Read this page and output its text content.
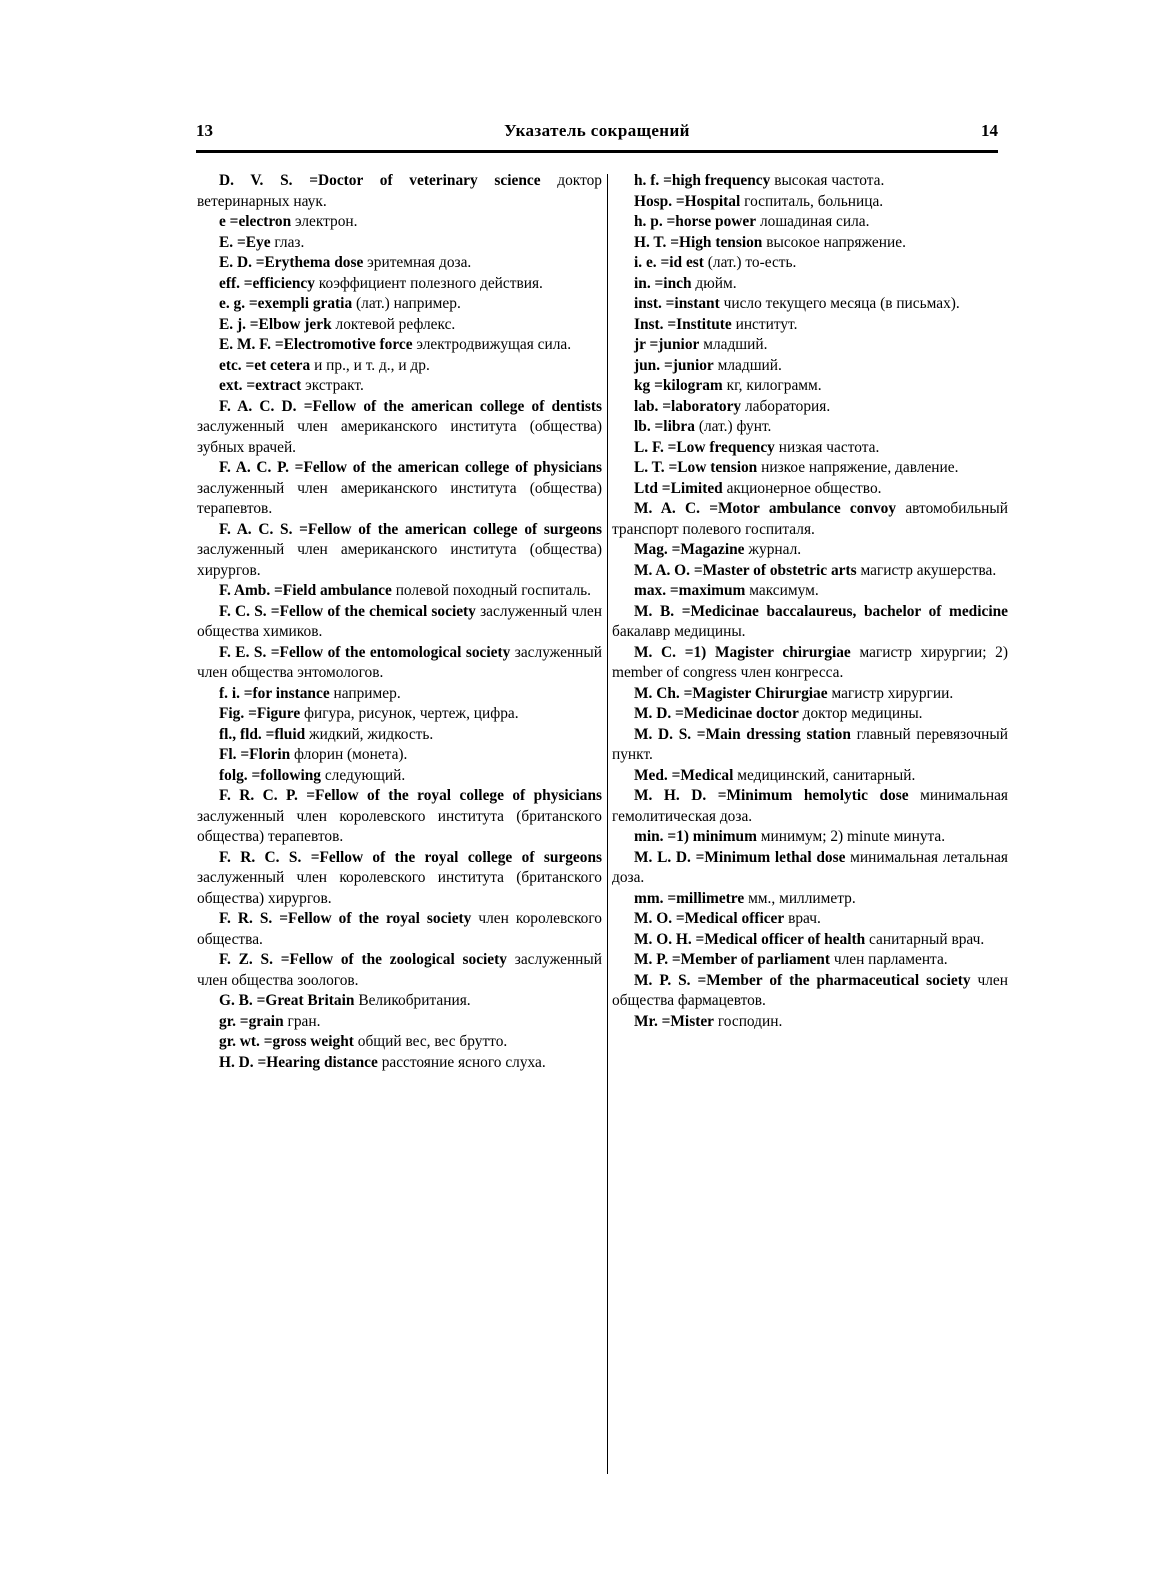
13	Указатель сокращений	14

D. V. S. =Doctor of veterinary science доктор ветеринарных наук.

e =electron электрон.

E. =Eye глаз.

E. D. =Erythema dose эритемная доза.

eff. =efficiency коэффициент полезного действия.

e. g. =exempli gratia (лат.) например.

E. j. =Elbow jerk локтевой рефлекс.

E. M. F. =Electromotive force электродвижущая сила.

etc. =et cetera и пр., и т. д., и др.

ext. =extract экстракт.

F. A. C. D. =Fellow of the american college of dentists заслуженный член американского института (общества) зубных врачей.

F. A. C. P. =Fellow of the american college of physicians заслуженный член американского института (общества) терапевтов.

F. A. C. S. =Fellow of the american college of surgeons заслуженный член американского института (общества) хирургов.

F. Amb. =Field ambulance полевой походный госпиталь.

F. C. S. =Fellow of the chemical society заслуженный член общества химиков.

F. E. S. =Fellow of the entomological society заслуженный член общества энтомологов.

f. i. =for instance например.

Fig. =Figure фигура, рисунок, чертеж, цифра.

fl., fld. =fluid жидкий, жидкость.

Fl. =Florin флорин (монета).

folg. =following следующий.

F. R. C. P. =Fellow of the royal college of physicians заслуженный член королевского института (британского общества) терапевтов.

F. R. C. S. =Fellow of the royal college of surgeons заслуженный член королевского института (британского общества) хирургов.

F. R. S. =Fellow of the royal society член королевского общества.

F. Z. S. =Fellow of the zoological society заслуженный член общества зоологов.

G. B. =Great Britain Великобритания.

gr. =grain гран.

gr. wt. =gross weight общий вес, вес брутто.

H. D. =Hearing distance расстояние ясного слуха.

h. f. =high frequency высокая частота.

Hosp. =Hospital госпиталь, больница.

h. p. =horse power лошадиная сила.

H. T. =High tension высокое напряжение.

i. e. =id est (лат.) то-есть.

in. =inch дюйм.

inst. =instant число текущего месяца (в письмах).

Inst. =Institute институт.

jr =junior младший.

jun. =junior младший.

kg =kilogram кг, килограмм.

lab. =laboratory лаборатория.

lb. =libra (лат.) фунт.

L. F. =Low frequency низкая частота.

L. T. =Low tension низкое напряжение, давление.

Ltd =Limited акционерное общество.

M. A. C. =Motor ambulance convoy автомобильный транспорт полевого госпиталя.

Mag. =Magazine журнал.

M. A. O. =Master of obstetric arts магистр акушерства.

max. =maximum максимум.

M. B. =Medicinae baccalaureus, bachelor of medicine бакалавр медицины.

M. C. =1) Magister chirurgiae магистр хирургии; 2) member of congress член конгресса.

M. Ch. =Magister Chirurgiae магистр хирургии.

M. D. =Medicinae doctor доктор медицины.

M. D. S. =Main dressing station главный перевязочный пункт.

Med. =Medical медицинский, санитарный.

M. H. D. =Minimum hemolytic dose минимальная гемолитическая доза.

min. =1) minimum минимум; 2) minute минута.

M. L. D. =Minimum lethal dose минимальная летальная доза.

mm. =millimetre мм., миллиметр.

M. O. =Medical officer врач.

M. O. H. =Medical officer of health санитарный врач.

M. P. =Member of parliament член парламента.

M. P. S. =Member of the pharmaceutical society член общества фармацевтов.

Mr. =Mister господин.
